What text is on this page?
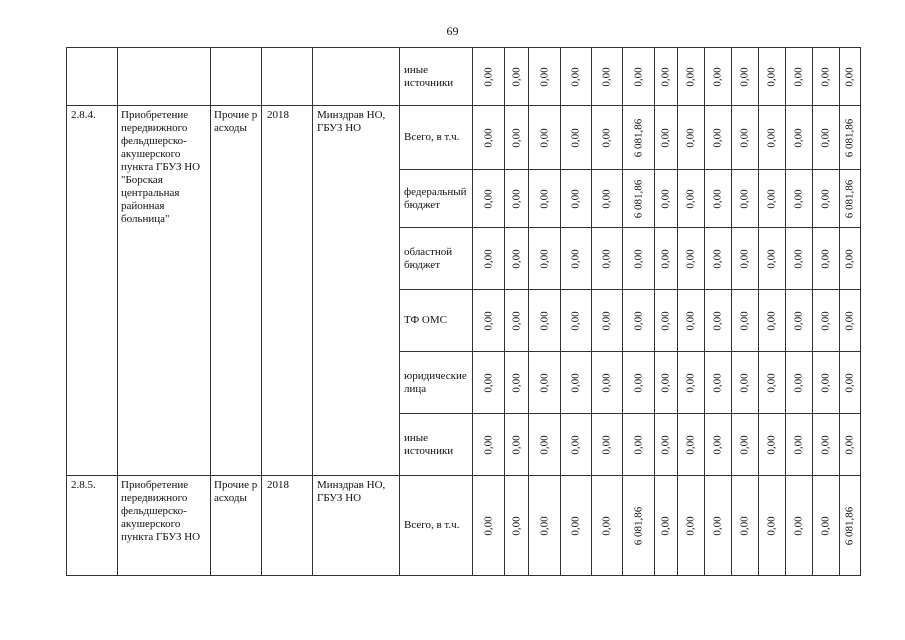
69
					иные источники	0,00	0,00	0,00	0,00	0,00	0,00	0,00	0,00	0,00	0,00	0,00	0,00	0,00	0,00

2.8.4.	Приобретение передвижного фельдшерско-акушерского пункта ГБУЗ НО "Борская центральная районная больница"	Прочие расходы	2018	Минздрав НО, ГБУЗ НО	Всего, в т.ч.	0,00	0,00	0,00	0,00	0,00	6 081,86	0,00	0,00	0,00	0,00	0,00	0,00	0,00	6 081,86

					федеральный бюджет	0,00	0,00	0,00	0,00	0,00	6 081,86	0,00	0,00	0,00	0,00	0,00	0,00	0,00	6 081,86

					областной бюджет	0,00	0,00	0,00	0,00	0,00	0,00	0,00	0,00	0,00	0,00	0,00	0,00	0,00	0,00

					ТФ ОМС	0,00	0,00	0,00	0,00	0,00	0,00	0,00	0,00	0,00	0,00	0,00	0,00	0,00	0,00

					юридические лица	0,00	0,00	0,00	0,00	0,00	0,00	0,00	0,00	0,00	0,00	0,00	0,00	0,00	0,00

					иные источники	0,00	0,00	0,00	0,00	0,00	0,00	0,00	0,00	0,00	0,00	0,00	0,00	0,00	0,00

2.8.5.	Приобретение передвижного фельдшерско-акушерского пункта ГБУЗ НО	Прочие расходы	2018	Минздрав НО, ГБУЗ НО	Всего, в т.ч.	0,00	0,00	0,00	0,00	0,00	6 081,86	0,00	0,00	0,00	0,00	0,00	0,00	0,00	6 081,86
